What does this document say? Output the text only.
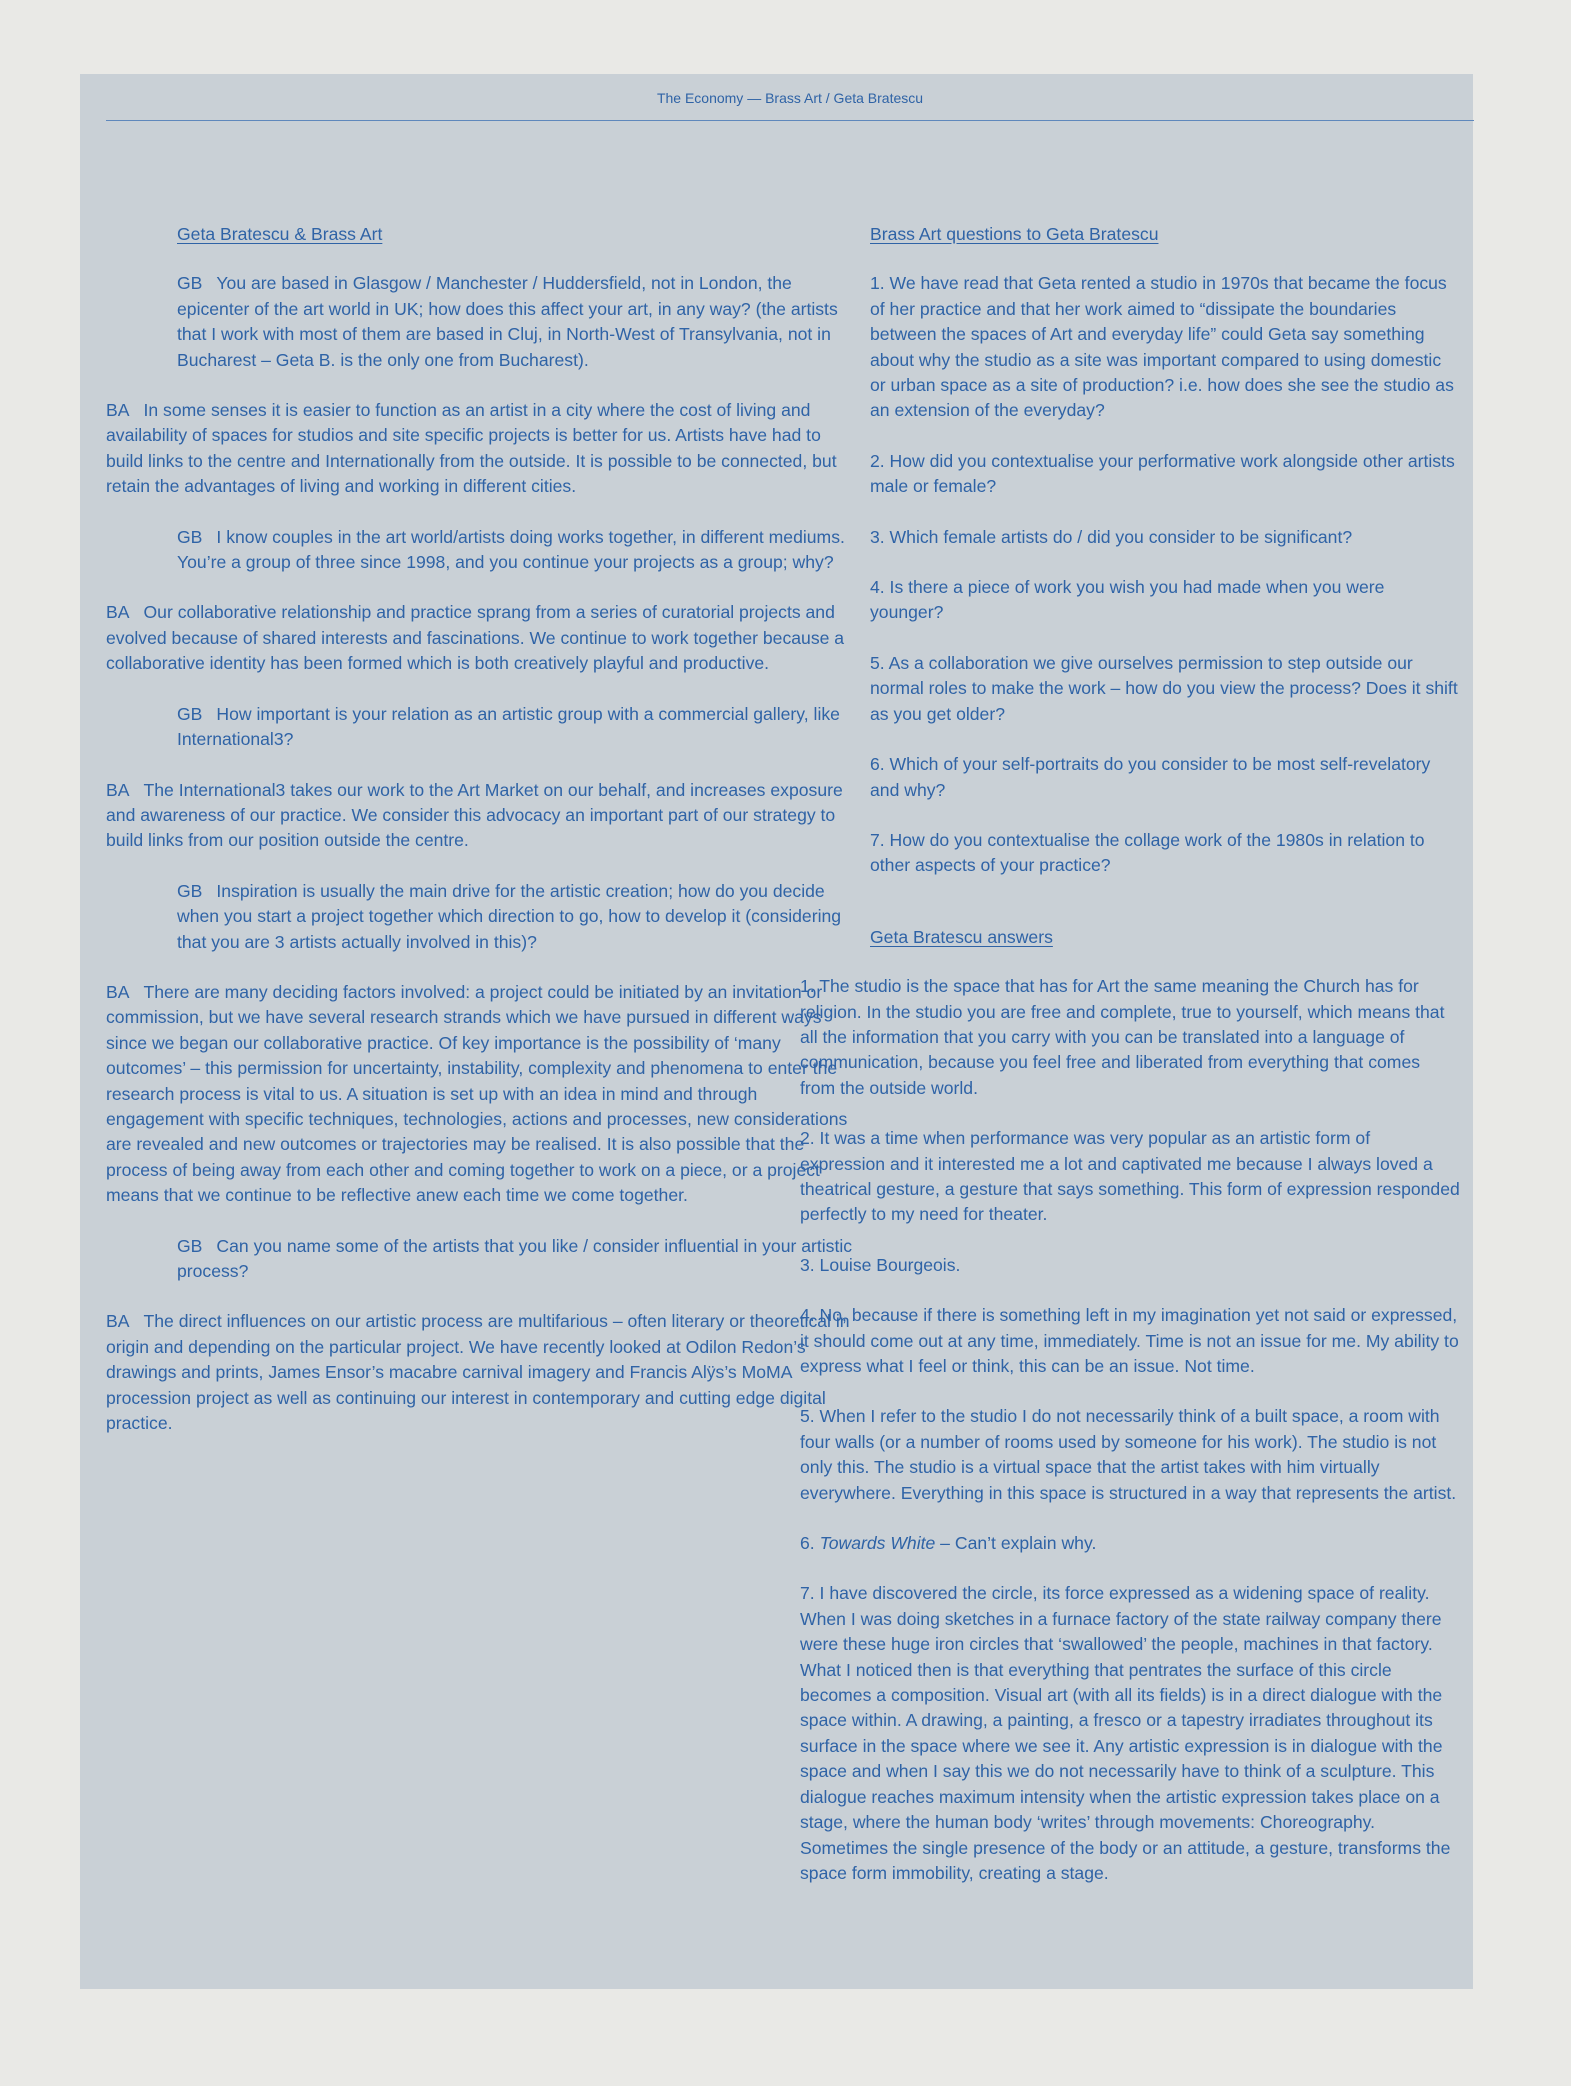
The Economy — Brass Art / Geta Bratescu
Geta Bratescu & Brass Art

GB You are based in Glasgow / Manchester / Huddersfield, not in London, the epicenter of the art world in UK; how does this affect your art, in any way? (the artists that I work with most of them are based in Cluj, in North-West of Transylvania, not in Bucharest – Geta B. is the only one from Bucharest).

BA In some senses it is easier to function as an artist in a city where the cost of living and availability of spaces for studios and site specific projects is better for us. Artists have had to build links to the centre and Internationally from the outside. It is possible to be connected, but retain the advantages of living and working in different cities.

GB I know couples in the art world/artists doing works together, in different mediums. You’re a group of three since 1998, and you continue your projects as a group; why?

BA Our collaborative relationship and practice sprang from a series of curatorial projects and evolved because of shared interests and fascinations. We continue to work together because a collaborative identity has been formed which is both creatively playful and productive.

GB How important is your relation as an artistic group with a commercial gallery, like International3?

BA The International3 takes our work to the Art Market on our behalf, and increases exposure and awareness of our practice. We consider this advocacy an important part of our strategy to build links from our position outside the centre.

GB Inspiration is usually the main drive for the artistic creation; how do you decide when you start a project together which direction to go, how to develop it (considering that you are 3 artists actually involved in this)?

BA There are many deciding factors involved: a project could be initiated by an invitation or commission, but we have several research strands which we have pursued in different ways since we began our collaborative practice. Of key importance is the possibility of ‘many outcomes’ – this permission for uncertainty, instability, complexity and phenomena to enter the research process is vital to us. A situation is set up with an idea in mind and through engagement with specific techniques, technologies, actions and processes, new considerations are revealed and new outcomes or trajectories may be realised. It is also possible that the process of being away from each other and coming together to work on a piece, or a project means that we continue to be reflective anew each time we come together.

GB Can you name some of the artists that you like / consider influential in your artistic process?

BA The direct influences on our artistic process are multifarious – often literary or theoretical in origin and depending on the particular project. We have recently looked at Odilon Redon’s drawings and prints, James Ensor’s macabre carnival imagery and Francis Alÿs’s MoMA procession project as well as continuing our interest in contemporary and cutting edge digital practice.

Brass Art questions to Geta Bratescu

1. We have read that Geta rented a studio in 1970s that became the focus of her practice and that her work aimed to “dissipate the boundaries between the spaces of Art and everyday life” could Geta say something about why the studio as a site was important compared to using domestic or urban space as a site of production? i.e. how does she see the studio as an extension of the everyday?

2. How did you contextualise your performative work alongside other artists male or female?

3. Which female artists do / did you consider to be significant?

4. Is there a piece of work you wish you had made when you were younger?

5. As a collaboration we give ourselves permission to step outside our normal roles to make the work – how do you view the process? Does it shift as you get older?

6. Which of your self-portraits do you consider to be most self-revelatory and why?

7. How do you contextualise the collage work of the 1980s in relation to other aspects of your practice?

Geta Bratescu answers

1. The studio is the space that has for Art the same meaning the Church has for religion. In the studio you are free and complete, true to yourself, which means that all the information that you carry with you can be translated into a language of communication, because you feel free and liberated from everything that comes from the outside world.

2. It was a time when performance was very popular as an artistic form of expression and it interested me a lot and captivated me because I always loved a theatrical gesture, a gesture that says something. This form of expression responded perfectly to my need for theater.

3. Louise Bourgeois.

4. No, because if there is something left in my imagination yet not said or expressed, it should come out at any time, immediately. Time is not an issue for me. My ability to express what I feel or think, this can be an issue. Not time.

5. When I refer to the studio I do not necessarily think of a built space, a room with four walls (or a number of rooms used by someone for his work). The studio is not only this. The studio is a virtual space that the artist takes with him virtually everywhere. Everything in this space is structured in a way that represents the artist.

6. Towards White – Can’t explain why.

7. I have discovered the circle, its force expressed as a widening space of reality. When I was doing sketches in a furnace factory of the state railway company there were these huge iron circles that ‘swallowed’ the people, machines in that factory. What I noticed then is that everything that pentrates the surface of this circle becomes a composition. Visual art (with all its fields) is in a direct dialogue with the space within. A drawing, a painting, a fresco or a tapestry irradiates throughout its surface in the space where we see it. Any artistic expression is in dialogue with the space and when I say this we do not necessarily have to think of a sculpture. This dialogue reaches maximum intensity when the artistic expression takes place on a stage, where the human body ‘writes’ through movements: Choreography. Sometimes the single presence of the body or an attitude, a gesture, transforms the space form immobility, creating a stage.
